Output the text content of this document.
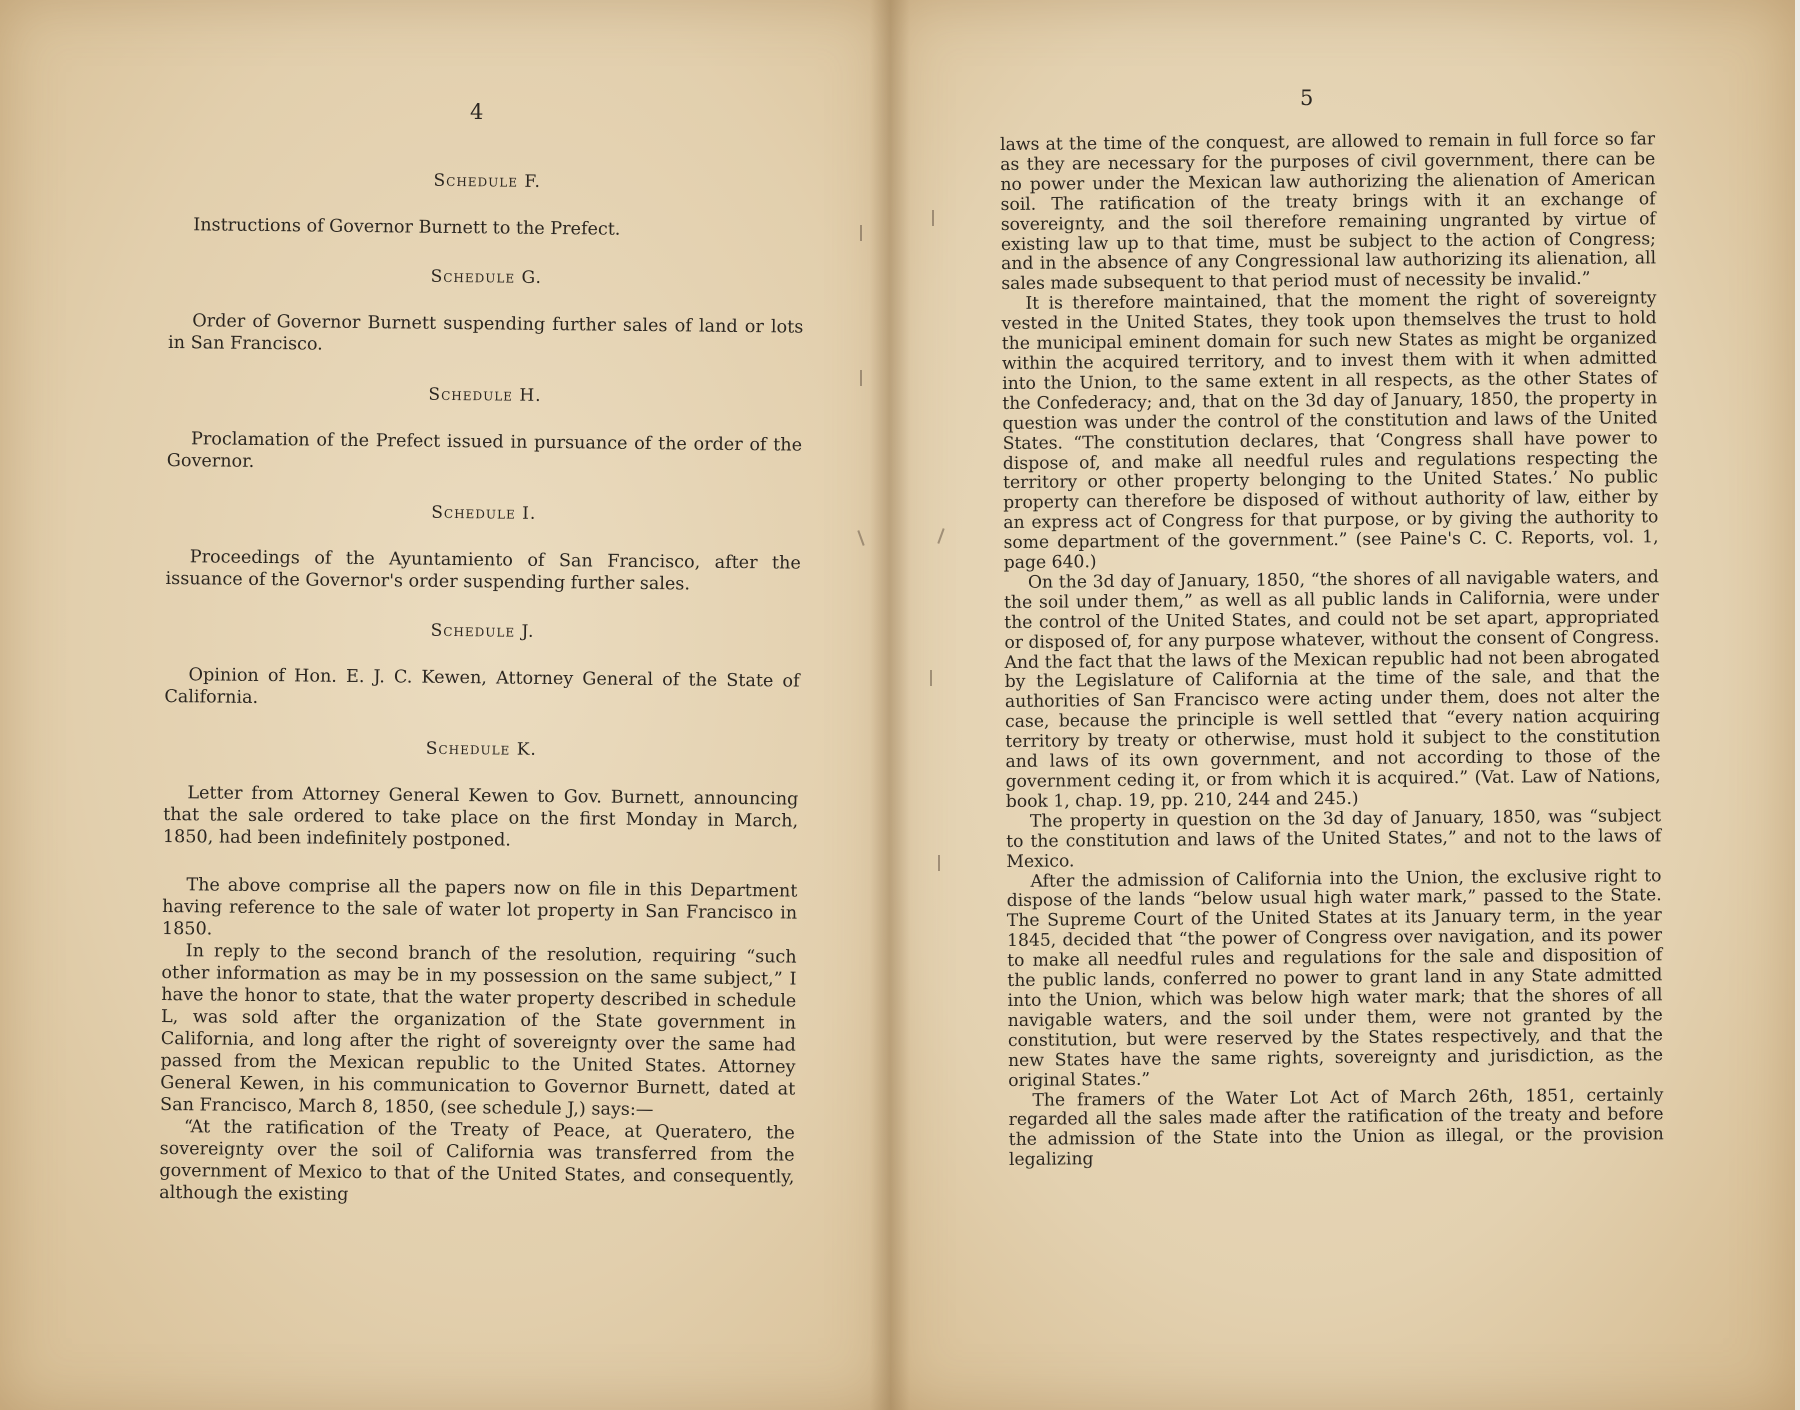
4
Schedule F.

Instructions of Governor Burnett to the Prefect.

Schedule G.

Order of Governor Burnett suspending further sales of land or lots in San Francisco.

Schedule H.

Proclamation of the Prefect issued in pursuance of the order of the Governor.

Schedule I.

Proceedings of the Ayuntamiento of San Francisco, after the issuance of the Governor's order suspending further sales.

Schedule J.

Opinion of Hon. E. J. C. Kewen, Attorney General of the State of California.

Schedule K.

Letter from Attorney General Kewen to Gov. Burnett, announcing that the sale ordered to take place on the first Monday in March, 1850, had been indefinitely postponed.

The above comprise all the papers now on file in this Department having reference to the sale of water lot property in San Francisco in 1850.

In reply to the second branch of the resolution, requiring “such other information as may be in my possession on the same subject,” I have the honor to state, that the water property described in schedule L, was sold after the organization of the State government in California, and long after the right of sovereignty over the same had passed from the Mexican republic to the United States. Attorney General Kewen, in his communication to Governor Burnett, dated at San Francisco, March 8, 1850, (see schedule J,) says:—

“At the ratification of the Treaty of Peace, at Queratero, the sovereignty over the soil of California was transferred from the government of Mexico to that of the United States, and consequently, although the existing

5

laws at the time of the conquest, are allowed to remain in full force so far as they are necessary for the purposes of civil government, there can be no power under the Mexican law authorizing the alienation of American soil. The ratification of the treaty brings with it an exchange of sovereignty, and the soil therefore remaining ungranted by virtue of existing law up to that time, must be subject to the action of Congress; and in the absence of any Congressional law authorizing its alienation, all sales made subsequent to that period must of necessity be invalid.”

It is therefore maintained, that the moment the right of sovereignty vested in the United States, they took upon themselves the trust to hold the municipal eminent domain for such new States as might be organized within the acquired territory, and to invest them with it when admitted into the Union, to the same extent in all respects, as the other States of the Confederacy; and, that on the 3d day of January, 1850, the property in question was under the control of the constitution and laws of the United States. “The constitution declares, that ‘Congress shall have power to dispose of, and make all needful rules and regulations respecting the territory or other property belonging to the United States.’ No public property can therefore be disposed of without authority of law, either by an express act of Congress for that purpose, or by giving the authority to some department of the government.” (see Paine's C. C. Reports, vol. 1, page 640.)

On the 3d day of January, 1850, “the shores of all navigable waters, and the soil under them,” as well as all public lands in California, were under the control of the United States, and could not be set apart, appropriated or disposed of, for any purpose whatever, without the consent of Congress. And the fact that the laws of the Mexican republic had not been abrogated by the Legislature of California at the time of the sale, and that the authorities of San Francisco were acting under them, does not alter the case, because the principle is well settled that “every nation acquiring territory by treaty or otherwise, must hold it subject to the constitution and laws of its own government, and not according to those of the government ceding it, or from which it is acquired.” (Vat. Law of Nations, book 1, chap. 19, pp. 210, 244 and 245.)

The property in question on the 3d day of January, 1850, was “subject to the constitution and laws of the United States,” and not to the laws of Mexico.

After the admission of California into the Union, the exclusive right to dispose of the lands “below usual high water mark,” passed to the State. The Supreme Court of the United States at its January term, in the year 1845, decided that “the power of Congress over navigation, and its power to make all needful rules and regulations for the sale and disposition of the public lands, conferred no power to grant land in any State admitted into the Union, which was below high water mark; that the shores of all navigable waters, and the soil under them, were not granted by the constitution, but were reserved by the States respectively, and that the new States have the same rights, sovereignty and jurisdiction, as the original States.”

The framers of the Water Lot Act of March 26th, 1851, certainly regarded all the sales made after the ratification of the treaty and before the admission of the State into the Union as illegal, or the provision legalizing
